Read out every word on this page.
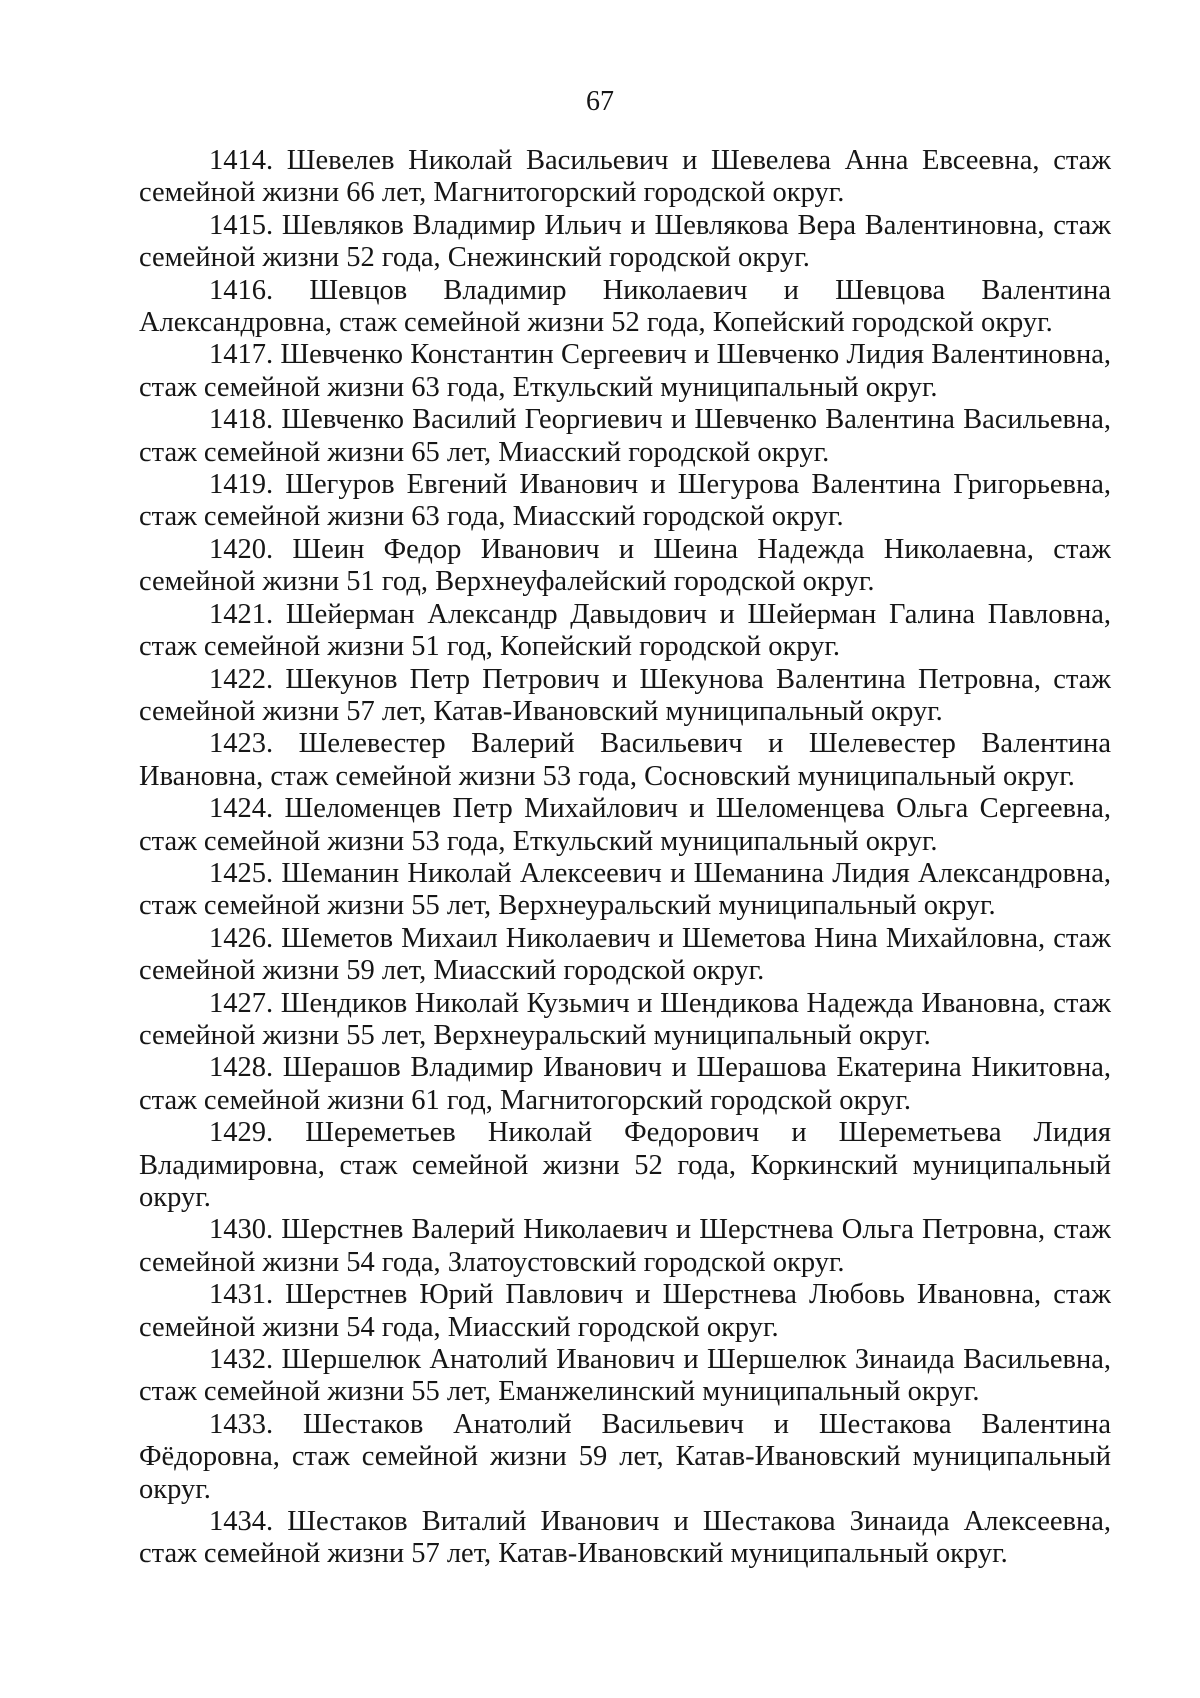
67

1414. Шевелев Николай Васильевич и Шевелева Анна Евсеевна, стаж семейной жизни 66 лет, Магнитогорский городской округ.

1415. Шевляков Владимир Ильич и Шевлякова Вера Валентиновна, стаж семейной жизни 52 года, Снежинский городской округ.

1416. Шевцов Владимир Николаевич и Шевцова Валентина Александровна, стаж семейной жизни 52 года, Копейский городской округ.

1417. Шевченко Константин Сергеевич и Шевченко Лидия Валентиновна, стаж семейной жизни 63 года, Еткульский муниципальный округ.

1418. Шевченко Василий Георгиевич и Шевченко Валентина Васильевна, стаж семейной жизни 65 лет, Миасский городской округ.

1419. Шегуров Евгений Иванович и Шегурова Валентина Григорьевна, стаж семейной жизни 63 года, Миасский городской округ.

1420. Шеин Федор Иванович и Шеина Надежда Николаевна, стаж семейной жизни 51 год, Верхнеуфалейский городской округ.

1421. Шейерман Александр Давыдович и Шейерман Галина Павловна, стаж семейной жизни 51 год, Копейский городской округ.

1422. Шекунов Петр Петрович и Шекунова Валентина Петровна, стаж семейной жизни 57 лет, Катав-Ивановский муниципальный округ.

1423. Шелевестер Валерий Васильевич и Шелевестер Валентина Ивановна, стаж семейной жизни 53 года, Сосновский муниципальный округ.

1424. Шеломенцев Петр Михайлович и Шеломенцева Ольга Сергеевна, стаж семейной жизни 53 года, Еткульский муниципальный округ.

1425. Шеманин Николай Алексеевич и Шеманина Лидия Александровна, стаж семейной жизни 55 лет, Верхнеуральский муниципальный округ.

1426. Шеметов Михаил Николаевич и Шеметова Нина Михайловна, стаж семейной жизни 59 лет, Миасский городской округ.

1427. Шендиков Николай Кузьмич и Шендикова Надежда Ивановна, стаж семейной жизни 55 лет, Верхнеуральский муниципальный округ.

1428. Шерашов Владимир Иванович и Шерашова Екатерина Никитовна, стаж семейной жизни 61 год, Магнитогорский городской округ.

1429. Шереметьев Николай Федорович и Шереметьева Лидия Владимировна, стаж семейной жизни 52 года, Коркинский муниципальный округ.

1430. Шерстнев Валерий Николаевич и Шерстнева Ольга Петровна, стаж семейной жизни 54 года, Златоустовский городской округ.

1431. Шерстнев Юрий Павлович и Шерстнева Любовь Ивановна, стаж семейной жизни 54 года, Миасский городской округ.

1432. Шершелюк Анатолий Иванович и Шершелюк Зинаида Васильевна, стаж семейной жизни 55 лет, Еманжелинский муниципальный округ.

1433. Шестаков Анатолий Васильевич и Шестакова Валентина Фёдоровна, стаж семейной жизни 59 лет, Катав-Ивановский муниципальный округ.

1434. Шестаков Виталий Иванович и Шестакова Зинаида Алексеевна, стаж семейной жизни 57 лет, Катав-Ивановский муниципальный округ.
